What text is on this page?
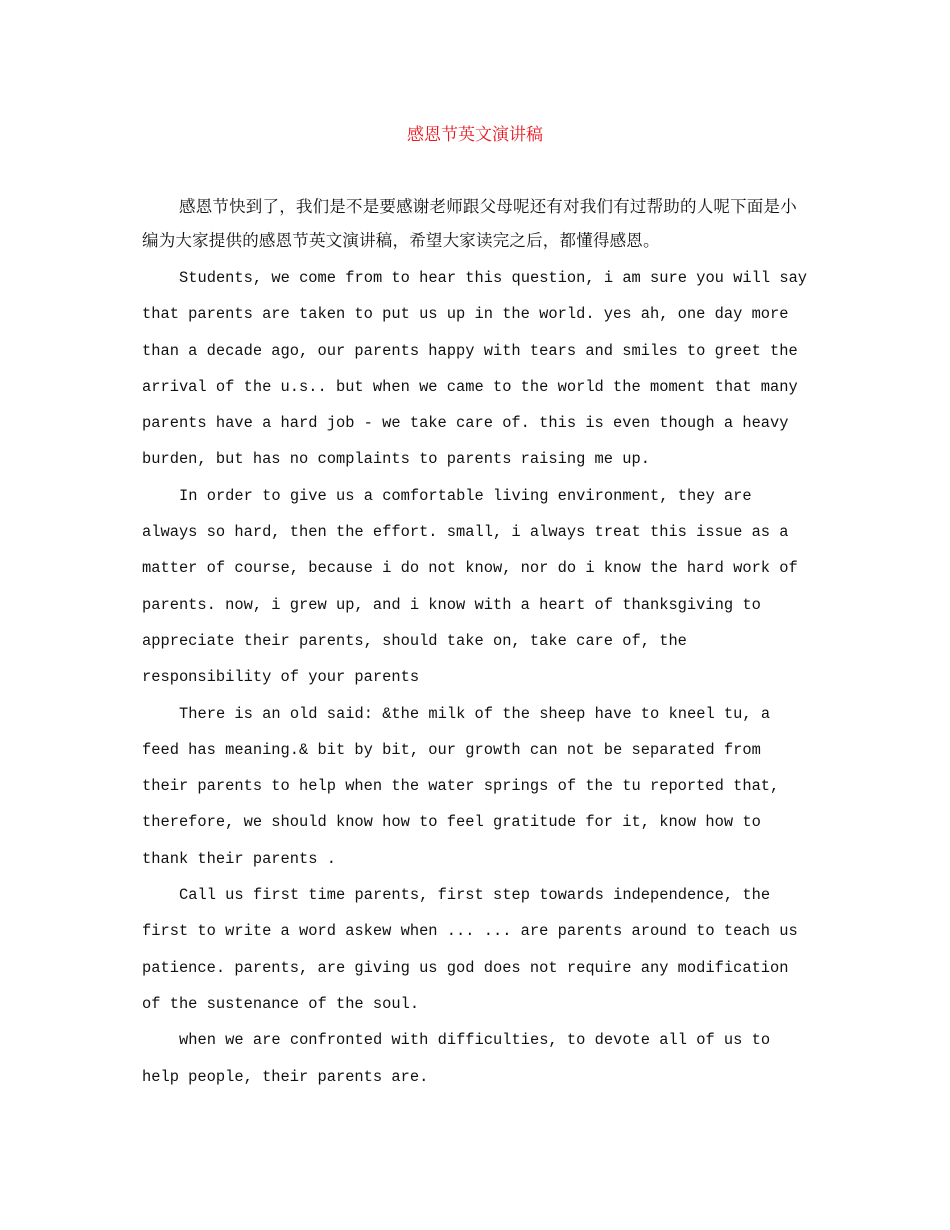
感恩节英文演讲稿

感恩节快到了，我们是不是要感谢老师跟父母呢还有对我们有过帮助的人呢下面是小编为大家提供的感恩节英文演讲稿，希望大家读完之后，都懂得感恩。

Students, we come from to hear this question, i am sure you will say that parents are taken to put us up in the world. yes ah, one day more than a decade ago, our parents happy with tears and smiles to greet the arrival of the u.s.. but when we came to the world the moment that many parents have a hard job - we take care of. this is even though a heavy burden, but has no complaints to parents raising me up.

In order to give us a comfortable living environment, they are always so hard, then the effort. small, i always treat this issue as a matter of course, because i do not know, nor do i know the hard work of parents. now, i grew up, and i know with a heart of thanksgiving to appreciate their parents, should take on, take care of, the responsibility of your parents

There is an old said: &the milk of the sheep have to kneel tu, a feed has meaning.& bit by bit, our growth can not be separated from their parents to help when the water springs of the tu reported that, therefore, we should know how to feel gratitude for it, know how to thank their parents .

Call us first time parents, first step towards independence, the first to write a word askew when ... ... are parents around to teach us patience. parents, are giving us god does not require any modification of the sustenance of the soul.

when we are confronted with difficulties, to devote all of us to help people, their parents are.
